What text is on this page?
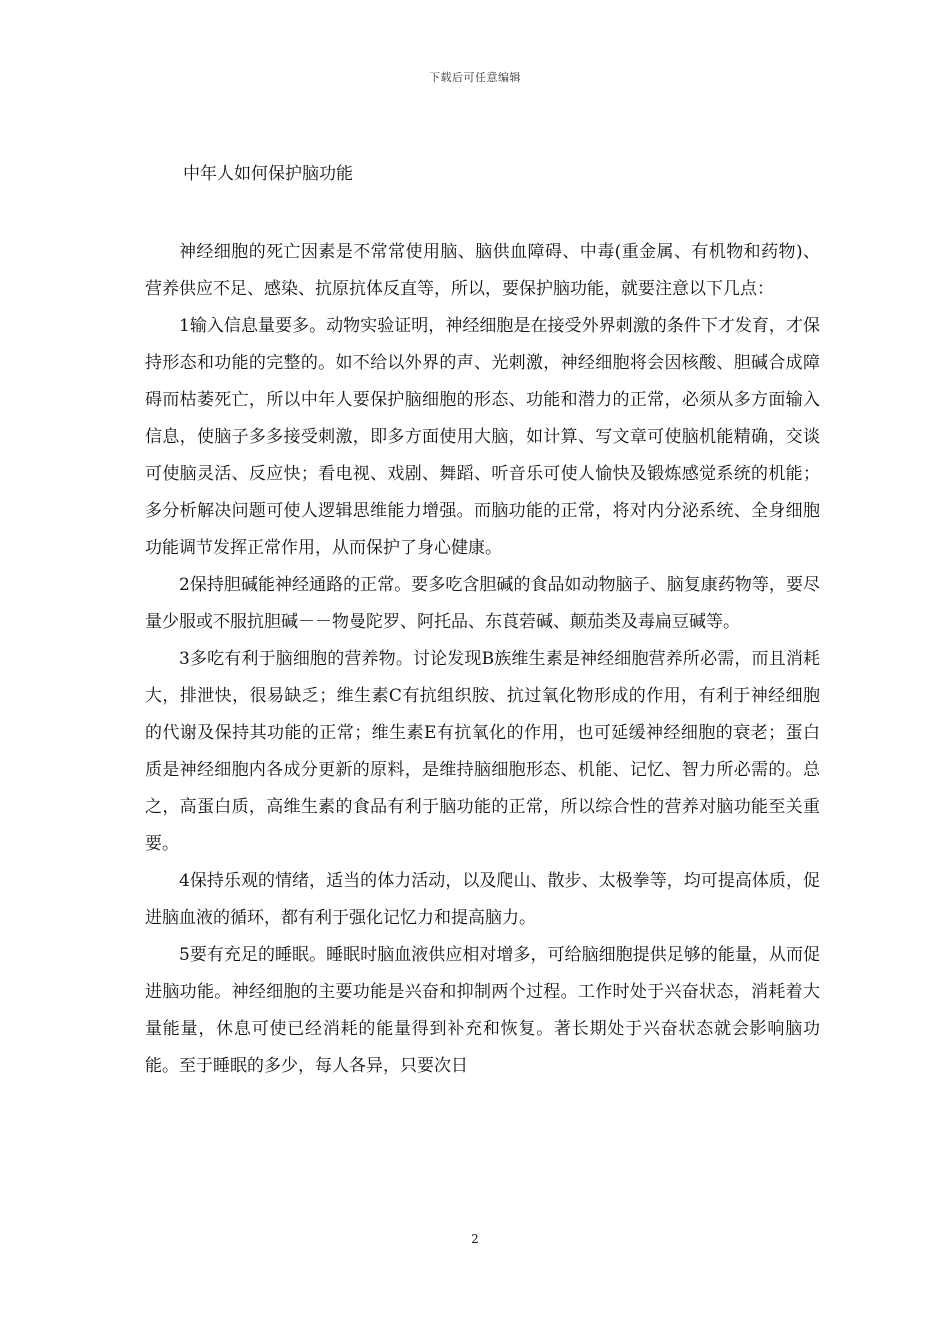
下载后可任意编辑
中年人如何保护脑功能

神经细胞的死亡因素是不常常使用脑、脑供血障碍、中毒(重金属、有机物和药物)、营养供应不足、感染、抗原抗体反直等，所以，要保护脑功能，就要注意以下几点：

1输入信息量要多。动物实验证明，神经细胞是在接受外界刺激的条件下才发育，才保持形态和功能的完整的。如不给以外界的声、光刺激，神经细胞将会因核酸、胆碱合成障碍而枯萎死亡，所以中年人要保护脑细胞的形态、功能和潜力的正常，必须从多方面输入信息，使脑子多多接受刺激，即多方面使用大脑，如计算、写文章可使脑机能精确，交谈可使脑灵活、反应快；看电视、戏剧、舞蹈、听音乐可使人愉快及锻炼感觉系统的机能；多分析解决问题可使人逻辑思维能力增强。而脑功能的正常，将对内分泌系统、全身细胞功能调节发挥正常作用，从而保护了身心健康。

2保持胆碱能神经通路的正常。要多吃含胆碱的食品如动物脑子、脑复康药物等，要尽量少服或不服抗胆碱－－物曼陀罗、阿托品、东莨菪碱、颠茄类及毒扁豆碱等。

3多吃有利于脑细胞的营养物。讨论发现B族维生素是神经细胞营养所必需，而且消耗大，排泄快，很易缺乏；维生素C有抗组织胺、抗过氧化物形成的作用，有利于神经细胞的代谢及保持其功能的正常；维生素E有抗氧化的作用，也可延缓神经细胞的衰老；蛋白质是神经细胞内各成分更新的原料，是维持脑细胞形态、机能、记忆、智力所必需的。总之，高蛋白质，高维生素的食品有利于脑功能的正常，所以综合性的营养对脑功能至关重要。

4保持乐观的情绪，适当的体力活动，以及爬山、散步、太极拳等，均可提高体质，促进脑血液的循环，都有利于强化记忆力和提高脑力。

5要有充足的睡眠。睡眠时脑血液供应相对增多，可给脑细胞提供足够的能量，从而促进脑功能。神经细胞的主要功能是兴奋和抑制两个过程。工作时处于兴奋状态，消耗着大量能量，休息可使已经消耗的能量得到补充和恢复。著长期处于兴奋状态就会影响脑功能。至于睡眠的多少，每人各异，只要次日

2
